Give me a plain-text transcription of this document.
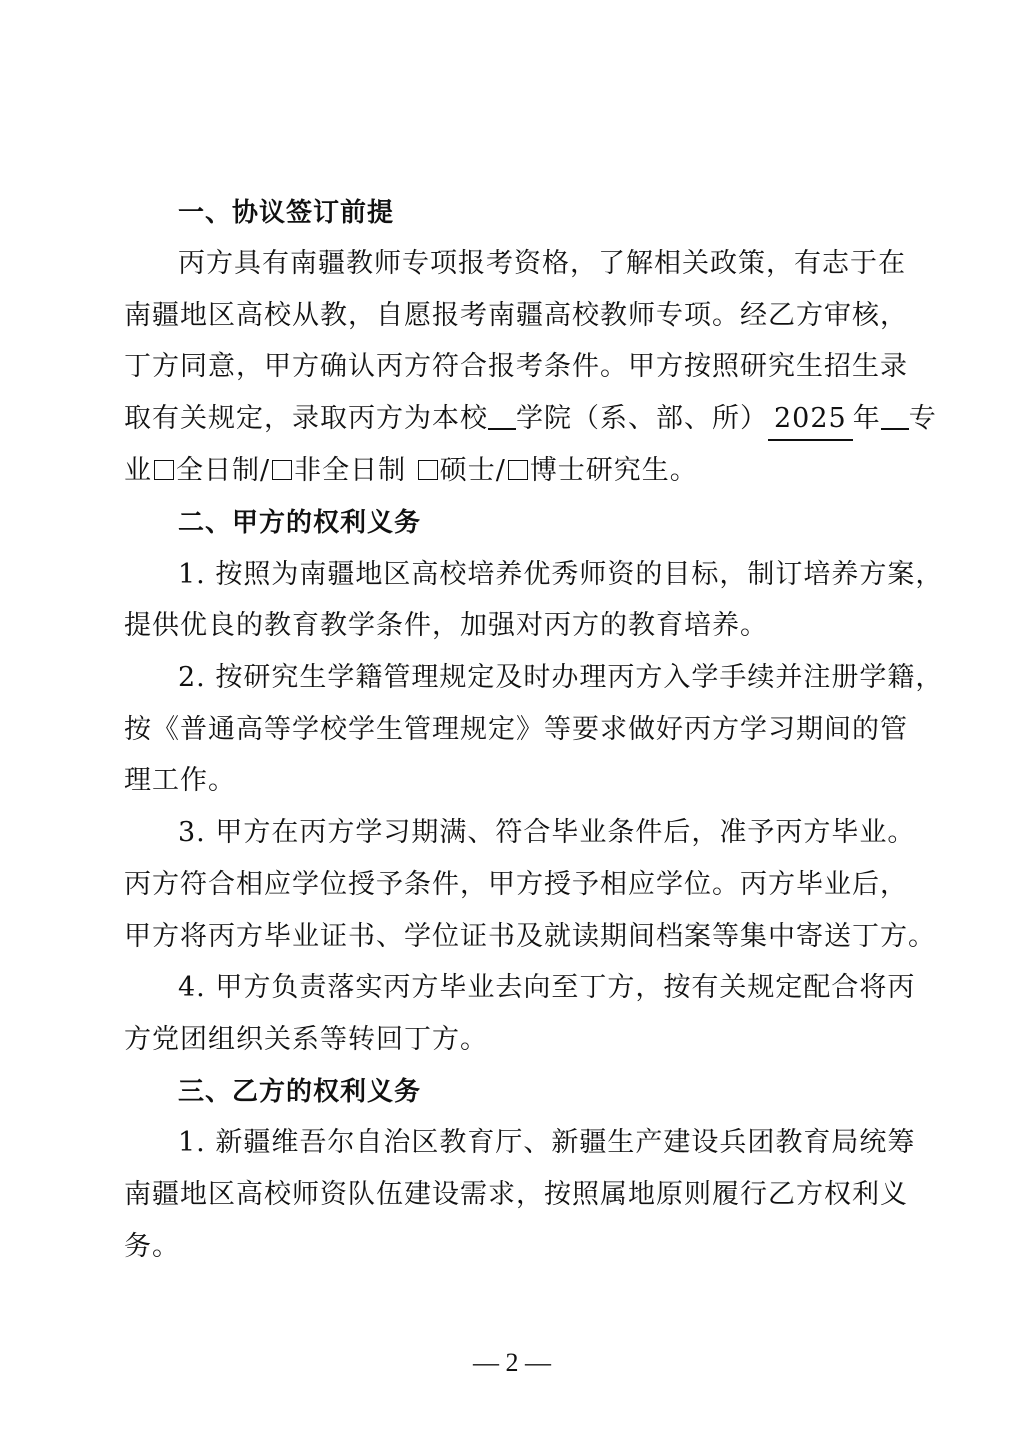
一、协议签订前提
丙方具有南疆教师专项报考资格，了解相关政策，有志于在
南疆地区高校从教，自愿报考南疆高校教师专项。经乙方审核，
丁方同意，甲方确认丙方符合报考条件。甲方按照研究生招生录
取有关规定，录取丙方为本校 学院（系、部、所） 2025 年 专
业 全日制/ 非全日制 硕士/ 博士研究生。
二、甲方的权利义务
1. 按照为南疆地区高校培养优秀师资的目标，制订培养方案，
提供优良的教育教学条件，加强对丙方的教育培养。
2. 按研究生学籍管理规定及时办理丙方入学手续并注册学籍，
按《普通高等学校学生管理规定》等要求做好丙方学习期间的管
理工作。
3. 甲方在丙方学习期满、符合毕业条件后，准予丙方毕业。
丙方符合相应学位授予条件，甲方授予相应学位。丙方毕业后，
甲方将丙方毕业证书、学位证书及就读期间档案等集中寄送丁方。
4. 甲方负责落实丙方毕业去向至丁方，按有关规定配合将丙
方党团组织关系等转回丁方。
三、乙方的权利义务
1. 新疆维吾尔自治区教育厅、新疆生产建设兵团教育局统筹
南疆地区高校师资队伍建设需求，按照属地原则履行乙方权利义
务。
— 2 —
